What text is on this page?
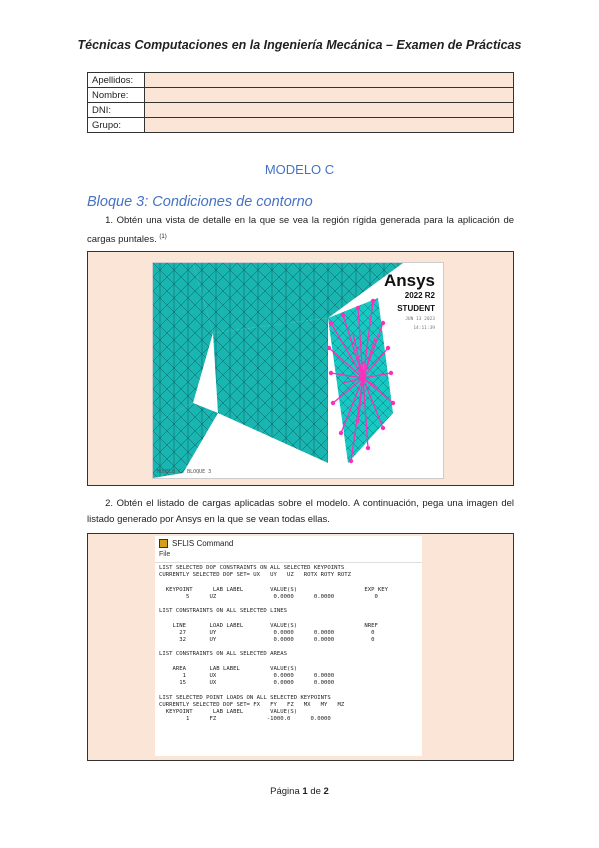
Técnicas Computaciones en la Ingeniería Mecánica – Examen de Prácticas
Apellidos:	
Nombre:	
DNI:	
Grupo:	
MODELO C
Bloque 3: Condiciones de contorno
1. Obtén una vista de detalle en la que se vea la región rígida generada para la aplicación de cargas puntales. $^{(1)}$
Ansys
2022 R2
STUDENT
JUN 13 2023
14:11:39
MODELO C. BLOQUE 3
2. Obtén el listado de cargas aplicadas sobre el modelo. A continuación, pega una imagen del listado generado por Ansys en la que se vean todas ellas.
SFLIS Command
File
LIST SELECTED DOF CONSTRAINTS ON ALL SELECTED KEYPOINTS
CURRENTLY SELECTED DOF SET= UX   UY   UZ   ROTX ROTY ROTZ

KEYPOINT      LAB LABEL        VALUE(S)                    EXP KEY
5      UZ                 0.0000      0.0000            0

LIST CONSTRAINTS ON ALL SELECTED LINES

LINE       LOAD LABEL        VALUE(S)                    NREF
27       UY                 0.0000      0.0000           0
32       UY                 0.0000      0.0000           0

LIST CONSTRAINTS ON ALL SELECTED AREAS

AREA       LAB LABEL         VALUE(S)
1       UX                 0.0000      0.0000
15       UX                 0.0000      0.0000

LIST SELECTED POINT LOADS ON ALL SELECTED KEYPOINTS
CURRENTLY SELECTED DOF SET= FX   FY   FZ   MX   MY   MZ
KEYPOINT      LAB LABEL        VALUE(S)
1      FZ               -1000.0      0.0000
Página 1 de 2
